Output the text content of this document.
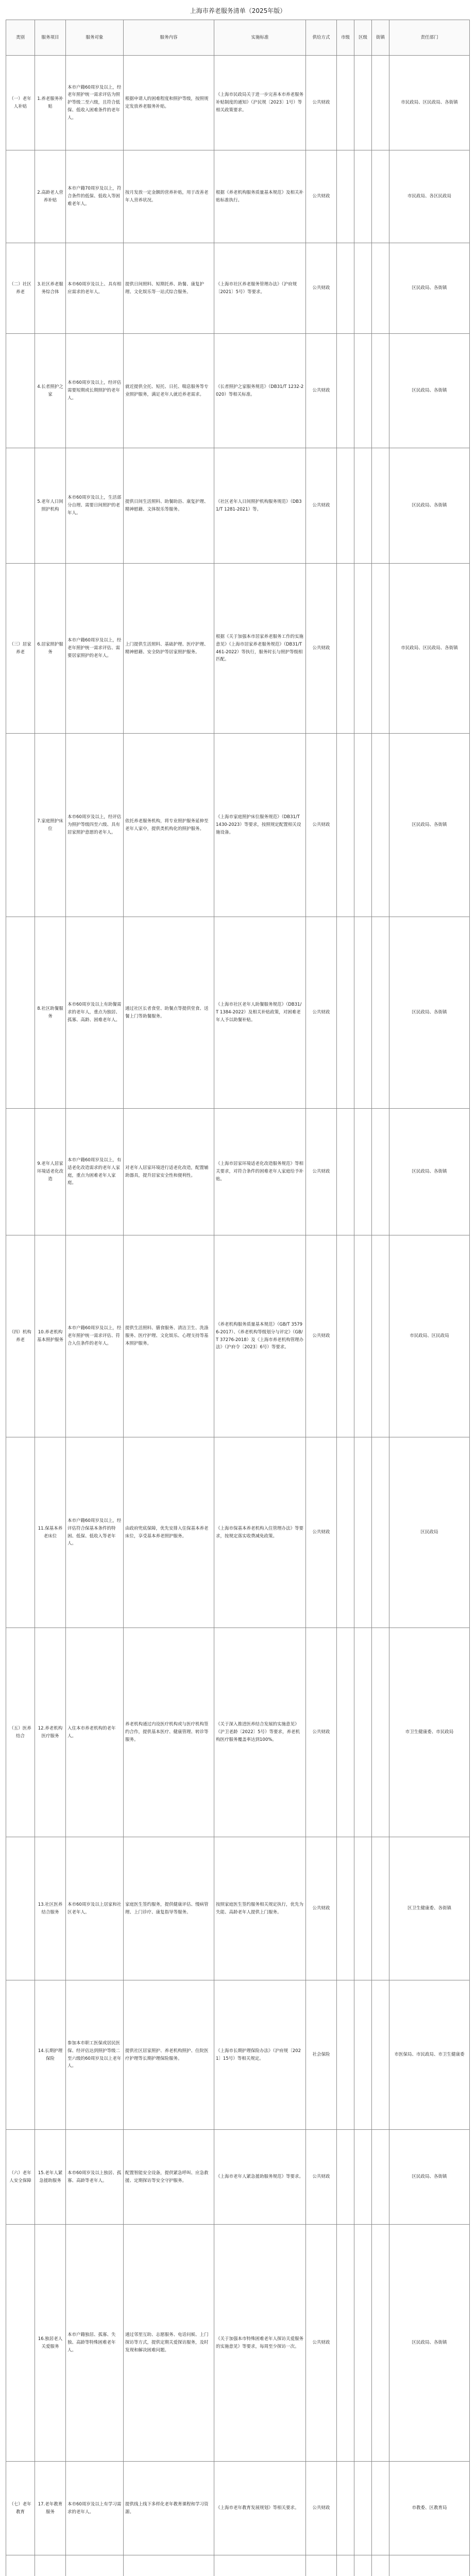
上海市养老服务清单（2025年版）
类别	服务项目	服务对象	服务内容	实施标准	供给方式	市级	区级	街镇	责任部门
（一）老年人补贴	1.养老服务补贴	本市户籍60周岁及以上，经老年照护统一需求评估为照护等级二至六级，且符合低保、低收入困难条件的老年人。	根据申请人的困难程度和照护等级，按照规定发放养老服务补贴。	《上海市民政局关于进一步完善本市养老服务补贴制度的通知》（沪民规〔2023〕1号）等相关政策要求。	公共财政				市民政局、区民政局、各街镇
	2.高龄老人营养补贴	本市户籍70周岁及以上，符合条件的低保、低收入等困难老年人。	按月发放一定金额的营养补贴，用于改善老年人营养状况。	根据《养老机构服务质量基本规范》及相关补贴标准执行。	公共财政				市民政局、各区民政局
（二）社区养老	3.社区养老服务综合体	本市60周岁及以上、具有相应需求的老年人。	提供日间照料、短期托养、助餐、康复护理、文化娱乐等一站式综合服务。	《上海市社区养老服务管理办法》（沪府规〔2021〕5号）等要求。	公共财政				区民政局、各街镇
	4.长者照护之家	本市60周岁及以上，经评估需要短期或长期照护的老年人。	就近提供全托、短托、日托、喘息服务等专业照护服务，满足老年人就近养老需求。	《长者照护之家服务规范》（DB31/T 1232-2020）等相关标准。	公共财政				区民政局、各街镇
	5.老年人日间照护机构	本市60周岁及以上，生活部分自理、需要日间照护的老年人。	提供日间生活照料、助餐助浴、康复护理、精神慰藉、文体娱乐等服务。	《社区老年人日间照护机构服务规范》（DB31/T 1281-2021）等。	公共财政				区民政局、各街镇
（三）居家养老	6.居家照护服务	本市户籍60周岁及以上，经老年照护统一需求评估、需要居家照护的老年人。	上门提供生活照料、基础护理、医疗护理、精神慰藉、安全防护等居家照护服务。	根据《关于加强本市居家养老服务工作的实施意见》《上海市居家养老服务规范》（DB31/T 461-2022）等执行，服务时长与照护等级相匹配。	公共财政				市民政局、区民政局、各街镇
	7.家庭照护床位	本市60周岁及以上，经评估为照护等级四至六级、具有居家照护意愿的老年人。	依托养老服务机构，将专业照护服务延伸至老年人家中，提供类机构化的照护服务。	《上海市家庭照护床位服务规范》（DB31/T 1430-2023）等要求，按照规定配置相关设施设备。	公共财政				区民政局、各街镇
	8.社区助餐服务	本市60周岁及以上有助餐需求的老年人，重点为独居、孤寡、高龄、困难老年人。	通过社区长者食堂、助餐点等提供堂食、送餐上门等助餐服务。	《上海市社区老年人助餐服务规范》（DB31/T 1384-2022）及相关补贴政策，对困难老年人予以助餐补贴。	公共财政				区民政局、各街镇
	9.老年人居家环境适老化改造	本市户籍60周岁及以上，有适老化改造需求的老年人家庭，重点为困难老年人家庭。	对老年人居家环境进行适老化改造，配置辅助器具，提升居家安全性和便利性。	《上海市居家环境适老化改造服务规范》等相关要求，对符合条件的困难老年人家庭给予补贴。	公共财政				区民政局、各街镇
（四）机构养老	10.养老机构基本照护服务	本市户籍60周岁及以上，经老年照护统一需求评估、符合入住条件的老年人。	提供生活照料、膳食服务、清洁卫生、洗涤服务、医疗护理、文化娱乐、心理支持等基本照护服务。	《养老机构服务质量基本规范》（GB/T 35796-2017）、《养老机构等级划分与评定》（GB/T 37276-2018）及《上海市养老机构管理办法》（沪府令〔2023〕6号）等要求。	公共财政				市民政局、区民政局
	11.保基本养老床位	本市户籍60周岁及以上，经评估符合保基本条件的特困、低保、低收入等老年人。	由政府兜底保障，优先安排入住保基本养老床位，享受基本养老照护服务。	《上海市保基本养老机构入住管理办法》等要求，按规定落实收费减免政策。	公共财政				区民政局
（五）医养结合	12.养老机构医疗服务	入住本市养老机构的老年人。	养老机构通过内设医疗机构或与医疗机构签约合作，提供基本医疗、健康管理、转诊等服务。	《关于深入推进医养结合发展的实施意见》（沪卫老龄〔2022〕5号）等要求，养老机构医疗服务覆盖率达到100%。	公共财政				市卫生健康委、市民政局
	13.社区医养结合服务	本市60周岁及以上居家和社区老年人。	家庭医生签约服务，提供健康评估、慢病管理、上门诊疗、康复指导等服务。	按照家庭医生签约服务相关规定执行，优先为失能、高龄老年人提供上门服务。	公共财政				区卫生健康委、各街镇
	14.长期护理保险	参加本市职工医保或居民医保、经评估达到照护等级二至六级的60周岁及以上老年人。	提供社区居家照护、养老机构照护、住院医疗护理等长期护理保险服务。	《上海市长期护理保险办法》（沪府规〔2021〕15号）等相关规定。	社会保险				市医保局、市民政局、市卫生健康委
（六）老年人安全保障	15.老年人紧急援助服务	本市60周岁及以上独居、孤寡、高龄等老年人。	配置智能安全设备，提供紧急呼叫、应急救援、定期探访等安全守护服务。	《上海市老年人紧急援助服务规范》等要求。	公共财政				区民政局、各街镇
	16.独居老人关爱服务	本市户籍独居、孤寡、失独、高龄等特殊困难老年人。	通过邻里互助、志愿服务、电话问候、上门探访等方式，提供定期关爱探访服务，及时发现和解决困难问题。	《关于加强本市特殊困难老年人探访关爱服务的实施意见》等要求，每周至少探访一次。	公共财政				区民政局、各街镇
（七）老年教育	17.老年教育服务	本市60周岁及以上有学习需求的老年人。	提供线上线下多样化老年教育课程和学习资源。	《上海市老年教育发展规划》等相关要求。	公共财政				市教委、区教育局
